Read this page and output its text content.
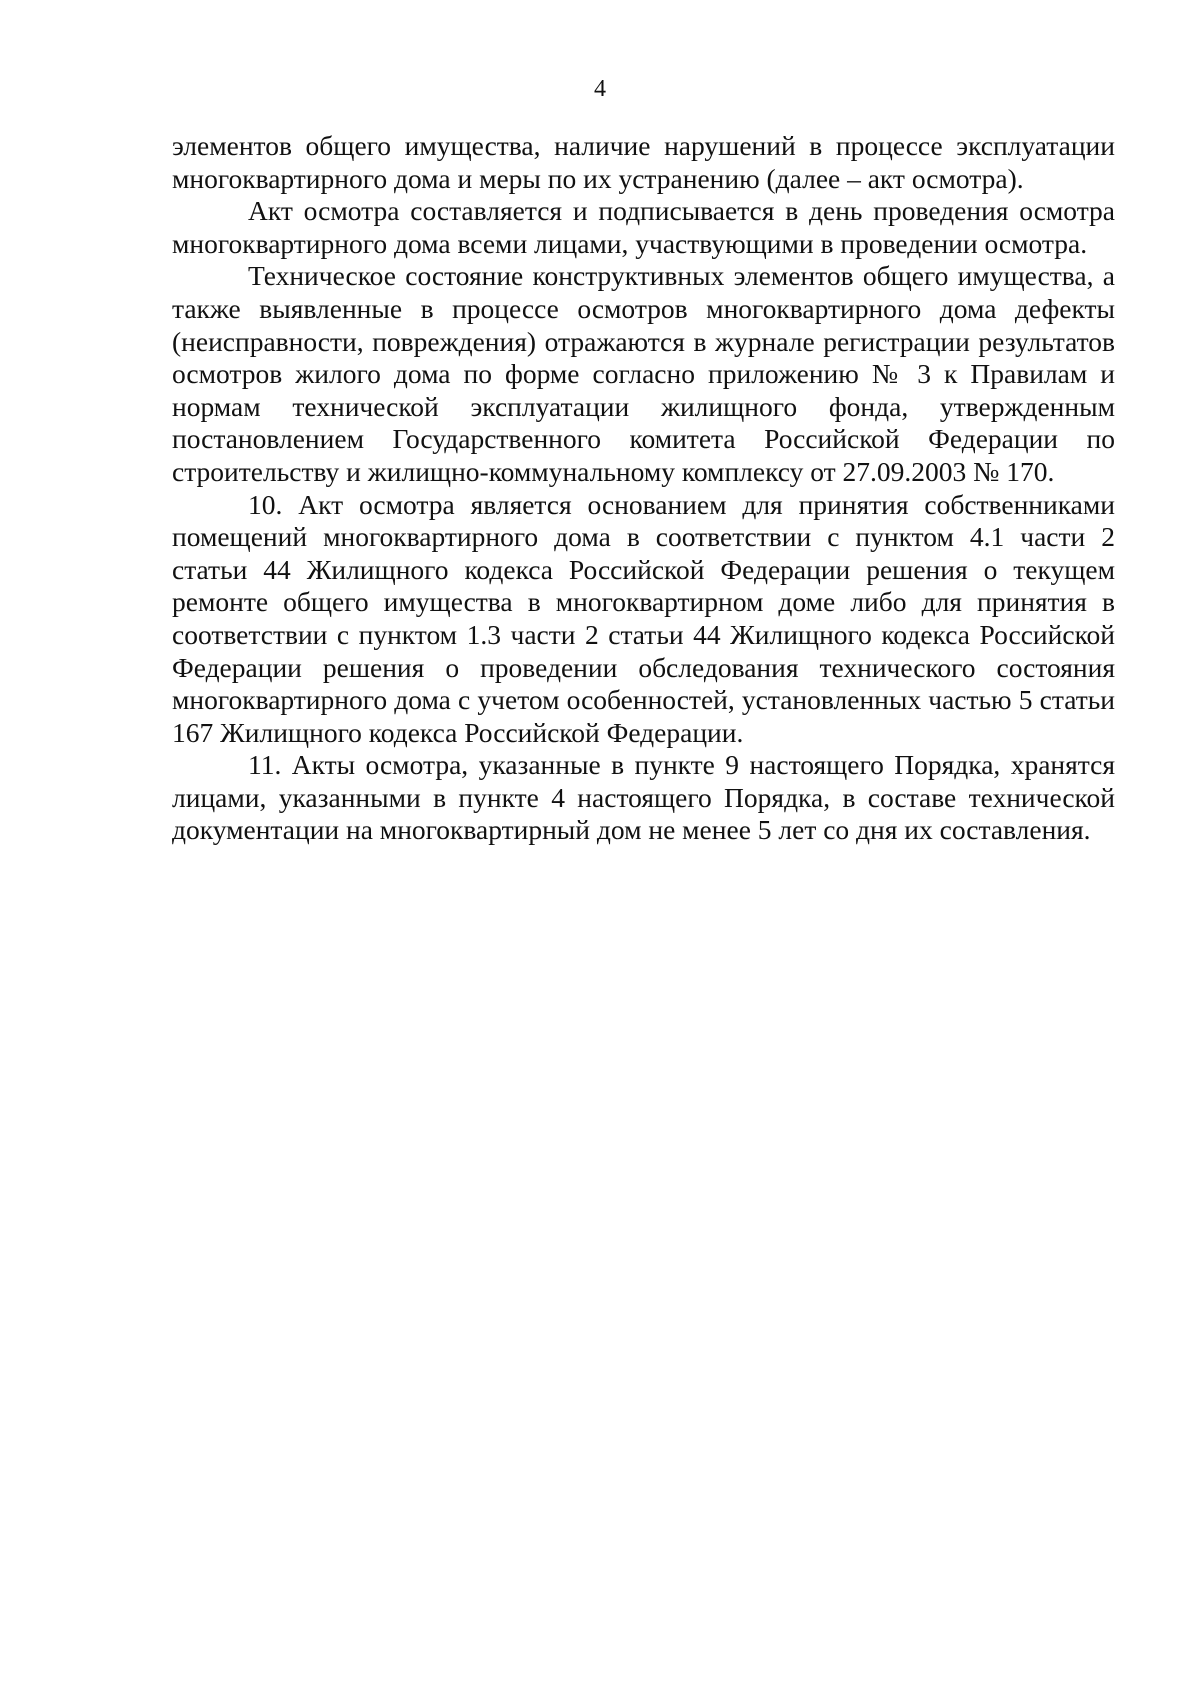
4

элементов общего имущества, наличие нарушений в процессе эксплуатации многоквартирного дома и меры по их устранению (далее – акт осмотра).

Акт осмотра составляется и подписывается в день проведения осмотра многоквартирного дома всеми лицами, участвующими в проведении осмотра.

Техническое состояние конструктивных элементов общего имущества, а также выявленные в процессе осмотров многоквартирного дома дефекты (неисправности, повреждения) отражаются в журнале регистрации результатов осмотров жилого дома по форме согласно приложению № 3 к Правилам и нормам технической эксплуатации жилищного фонда, утвержденным постановлением Государственного комитета Российской Федерации по строительству и жилищно-коммунальному комплексу от 27.09.2003 № 170.

10. Акт осмотра является основанием для принятия собственниками помещений многоквартирного дома в соответствии с пунктом 4.1 части 2 статьи 44 Жилищного кодекса Российской Федерации решения о текущем ремонте общего имущества в многоквартирном доме либо для принятия в соответствии с пунктом 1.3 части 2 статьи 44 Жилищного кодекса Российской Федерации решения о проведении обследования технического состояния многоквартирного дома с учетом особенностей, установленных частью 5 статьи 167 Жилищного кодекса Российской Федерации.

11. Акты осмотра, указанные в пункте 9 настоящего Порядка, хранятся лицами, указанными в пункте 4 настоящего Порядка, в составе технической документации на многоквартирный дом не менее 5 лет со дня их составления.
